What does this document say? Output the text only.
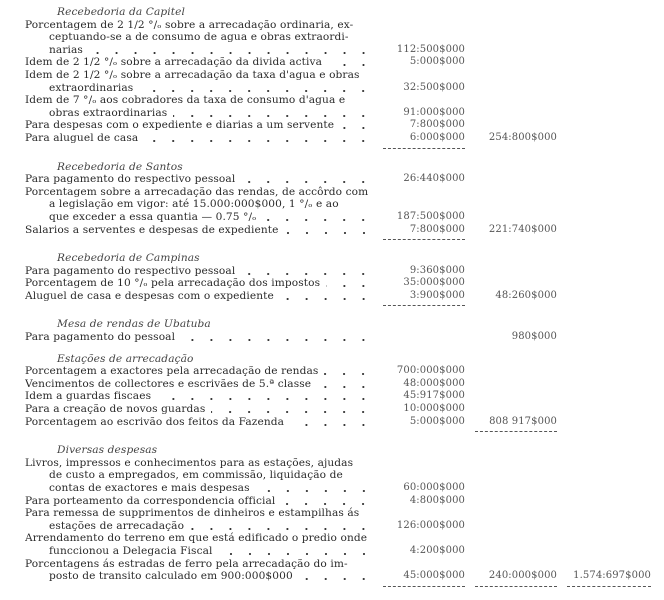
Recebedoria da Capitel
Porcentagem de 2 1/2 °/ₒ sobre a arrecadação ordinaria, ex-
ceptuando-se a de consumo de agua e obras extraordi-
narias	112:500$000
Idem de 2 1/2 °/ₒ sobre a arrecadação da divida activa	5:000$000
Idem de 2 1/2 °/ₒ sobre a arrecadação da taxa d'agua e obras
extraordinarias	32:500$000
Idem de 7 °/ₒ aos cobradores da taxa de consumo d'agua e
obras extraordinarias	91:000$000
Para despesas com o expediente e diarias a um servente	7:800$000
Para aluguel de casa	6:000$000	254:800$000
Recebedoria de Santos
Para pagamento do respectivo pessoal	26:440$000
Porcentagem sobre a arrecadação das rendas, de accôrdo com
a legislação em vigor: até 15.000:000$000, 1 °/ₒ e ao
que exceder a essa quantia — 0.75 °/ₒ	187:500$000
Salarios a serventes e despesas de expediente	7:800$000	221:740$000
Recebedoria de Campinas
Para pagamento do respectivo pessoal	9:360$000
Porcentagem de 10 °/ₒ pela arrecadação dos impostos	35:000$000
Aluguel de casa e despesas com o expediente	3:900$000	48:260$000
Mesa de rendas de Ubatuba
Para pagamento do pessoal	980$000
Estações de arrecadação
Porcentagem a exactores pela arrecadação de rendas	700:000$000
Vencimentos de collectores e escrivães de 5.ª classe	48:000$000
Idem a guardas fiscaes	45:917$000
Para a creação de novos guardas	10:000$000
Porcentagem ao escrivão dos feitos da Fazenda	5:000$000	808 917$000
Diversas despesas
Livros, impressos e conhecimentos para as estações, ajudas
de custo a empregados, em commissão, liquidação de
contas de exactores e mais despesas	60:000$000
Para porteamento da correspondencia official	4:800$000
Para remessa de supprimentos de dinheiros e estampilhas ás
estações de arrecadação	126:000$000
Arrendamento do terreno em que está edificado o predio onde
funccionou a Delegacia Fiscal	4:200$000
Porcentagens ás estradas de ferro pela arrecadação do im-
posto de transito calculado em 900:000$000	45:000$000	240:000$000	1.574:697$000
